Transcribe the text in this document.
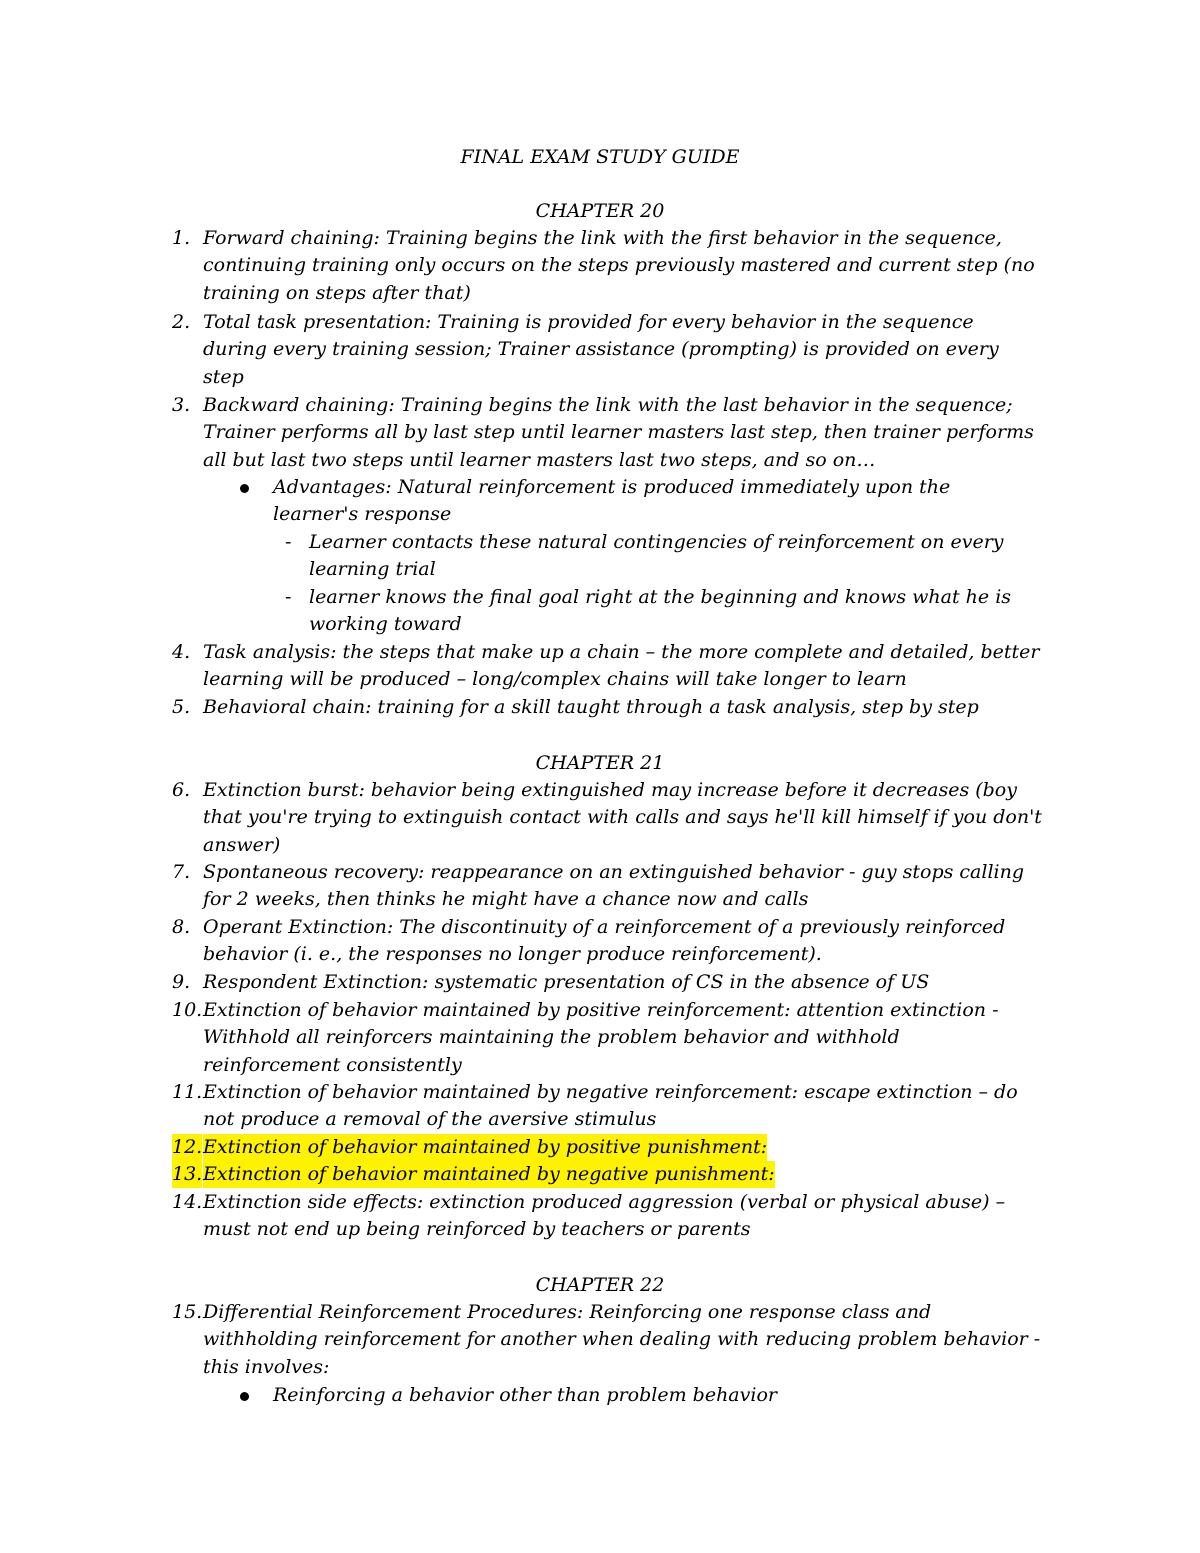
FINAL EXAM STUDY GUIDE
CHAPTER 20
1. Forward chaining: Training begins the link with the first behavior in the sequence, continuing training only occurs on the steps previously mastered and current step (no training on steps after that)
2. Total task presentation: Training is provided for every behavior in the sequence during every training session; Trainer assistance (prompting) is provided on every step
3. Backward chaining: Training begins the link with the last behavior in the sequence; Trainer performs all by last step until learner masters last step, then trainer performs all but last two steps until learner masters last two steps, and so on…
Advantages: Natural reinforcement is produced immediately upon the learner's response
- Learner contacts these natural contingencies of reinforcement on every learning trial
- learner knows the final goal right at the beginning and knows what he is working toward
4. Task analysis: the steps that make up a chain – the more complete and detailed, better learning will be produced – long/complex chains will take longer to learn
5. Behavioral chain: training for a skill taught through a task analysis, step by step
CHAPTER 21
6. Extinction burst: behavior being extinguished may increase before it decreases (boy that you're trying to extinguish contact with calls and says he'll kill himself if you don't answer)
7. Spontaneous recovery: reappearance on an extinguished behavior - guy stops calling for 2 weeks, then thinks he might have a chance now and calls
8. Operant Extinction: The discontinuity of a reinforcement of a previously reinforced behavior (i. e., the responses no longer produce reinforcement).
9. Respondent Extinction: systematic presentation of CS in the absence of US
10. Extinction of behavior maintained by positive reinforcement: attention extinction - Withhold all reinforcers maintaining the problem behavior and withhold reinforcement consistently
11. Extinction of behavior maintained by negative reinforcement: escape extinction – do not produce a removal of the aversive stimulus
12. Extinction of behavior maintained by positive punishment:
13. Extinction of behavior maintained by negative punishment:
14. Extinction side effects: extinction produced aggression (verbal or physical abuse) – must not end up being reinforced by teachers or parents
CHAPTER 22
15. Differential Reinforcement Procedures: Reinforcing one response class and withholding reinforcement for another when dealing with reducing problem behavior - this involves:
Reinforcing a behavior other than problem behavior
